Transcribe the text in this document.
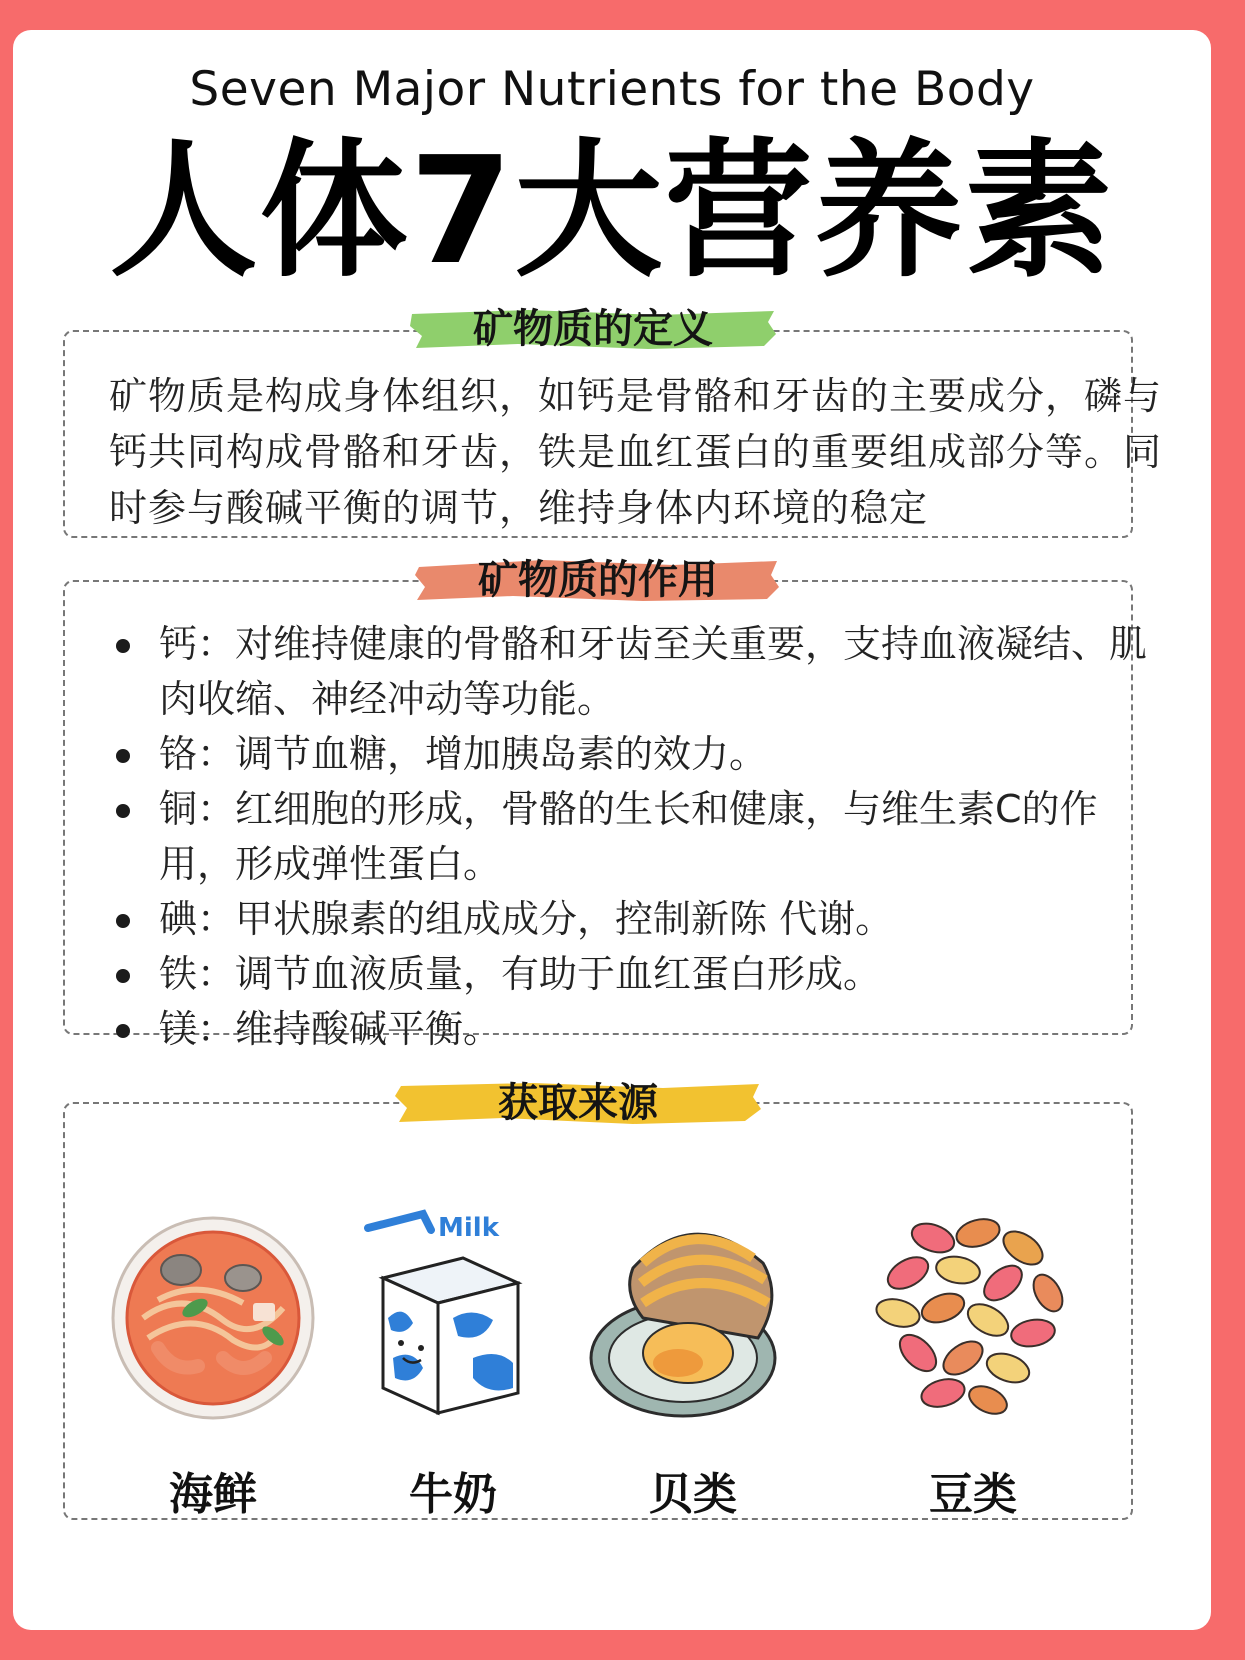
Seven Major Nutrients for the Body
人体7大营养素
矿物质的定义

矿物质是构成身体组织，如钙是骨骼和牙齿的主要成分，磷与钙共同构成骨骼和牙齿，铁是血红蛋白的重要组成部分等。同时参与酸碱平衡的调节，维持身体内环境的稳定

矿物质的作用
钙：对维持健康的骨骼和牙齿至关重要，支持血液凝结、肌肉收缩、神经冲动等功能。
铬：调节血糖，增加胰岛素的效力。
铜：红细胞的形成，骨骼的生长和健康，与维生素C的作用，形成弹性蛋白。
碘：甲状腺素的组成成分，控制新陈 代谢。
铁：调节血液质量，有助于血红蛋白形成。
镁：维持酸碱平衡。
获取来源
海鲜
Milk
牛奶	贝类	豆类
